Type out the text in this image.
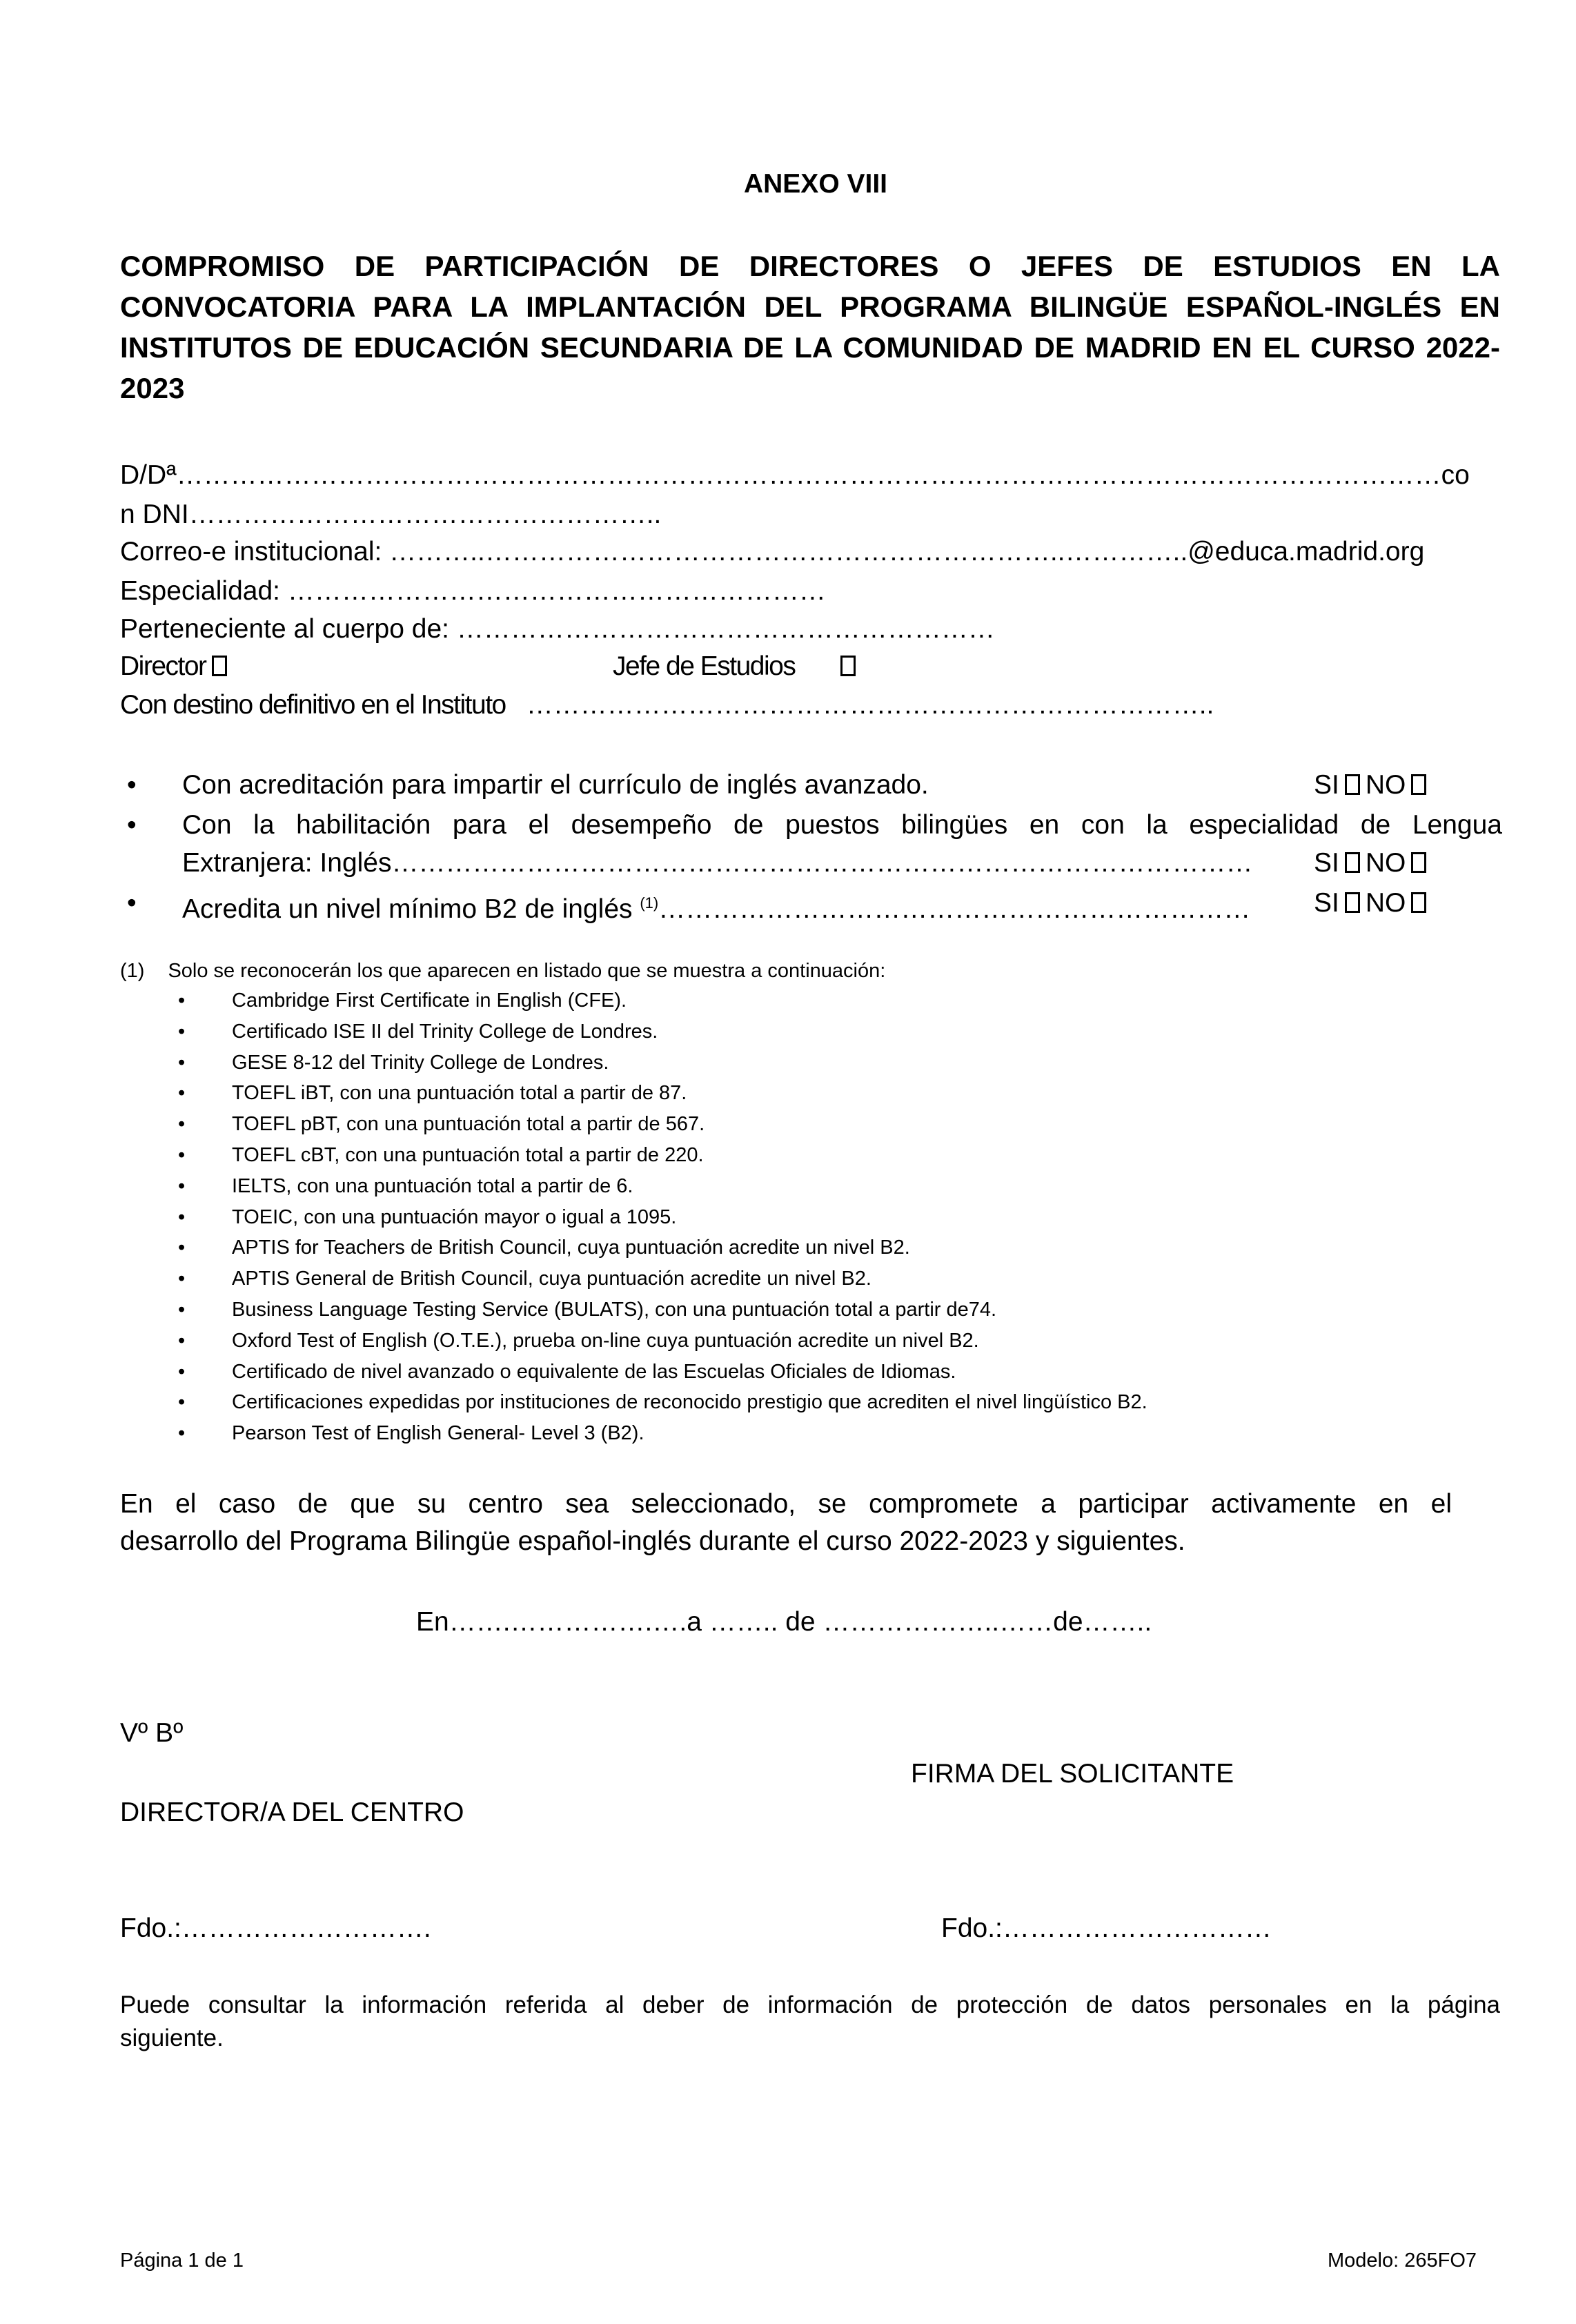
ANEXO VIII
COMPROMISO DE PARTICIPACIÓN DE DIRECTORES O JEFES DE ESTUDIOS EN LA
CONVOCATORIA PARA LA IMPLANTACIÓN DEL PROGRAMA BILINGÜE ESPAÑOL-INGLÉS EN
INSTITUTOS DE EDUCACIÓN SECUNDARIA DE LA COMUNIDAD DE MADRID EN EL CURSO 2022-
2023
D/Dª……………………………………………………………………………………………………………………………co
n DNI……………………………………………..
Correo-e institucional: ………..………………………………………………………..…………..@educa.madrid.org
Especialidad: ……………………………………………………
Perteneciente al cuerpo de: ……………………………………………………
Director	Jefe de Estudios
Con destino definitivo en el Instituto …………………………………………………………………..
• Con acreditación para impartir el currículo de inglés avanzado.	SI NO
• Con la habilitación para el desempeño de puestos bilingües en con la especialidad de Lengua
Extranjera: Inglés…………………………………………………………………………………… SI NO
• Acredita un nivel mínimo B2 de inglés $^{(1)}$………………………………………………………… SI NO
(1) Solo se reconocerán los que aparecen en listado que se muestra a continuación:
• Cambridge First Certificate in English (CFE).
• Certificado ISE II del Trinity College de Londres.
• GESE 8-12 del Trinity College de Londres.
• TOEFL iBT, con una puntuación total a partir de 87.
• TOEFL pBT, con una puntuación total a partir de 567.
• TOEFL cBT, con una puntuación total a partir de 220.
• IELTS, con una puntuación total a partir de 6.
• TOEIC, con una puntuación mayor o igual a 1095.
• APTIS for Teachers de British Council, cuya puntuación acredite un nivel B2.
• APTIS General de British Council, cuya puntuación acredite un nivel B2.
• Business Language Testing Service (BULATS), con una puntuación total a partir de74.
• Oxford Test of English (O.T.E.), prueba on-line cuya puntuación acredite un nivel B2.
• Certificado de nivel avanzado o equivalente de las Escuelas Oficiales de Idiomas.
• Certificaciones expedidas por instituciones de reconocido prestigio que acrediten el nivel lingüístico B2.
• Pearson Test of English General- Level 3 (B2).
En el caso de que su centro sea seleccionado, se compromete a participar activamente en el
desarrollo del Programa Bilingüe español-inglés durante el curso 2022-2023 y siguientes.
En…….…………….….a …….. de ………………..……de……..
Vº Bº
FIRMA DEL SOLICITANTE
DIRECTOR/A DEL CENTRO
Fdo.:……………………….	Fdo.:…………………………
Puede consultar la información referida al deber de información de protección de datos personales en la página
siguiente.
Página 1 de 1	Modelo: 265FO7
